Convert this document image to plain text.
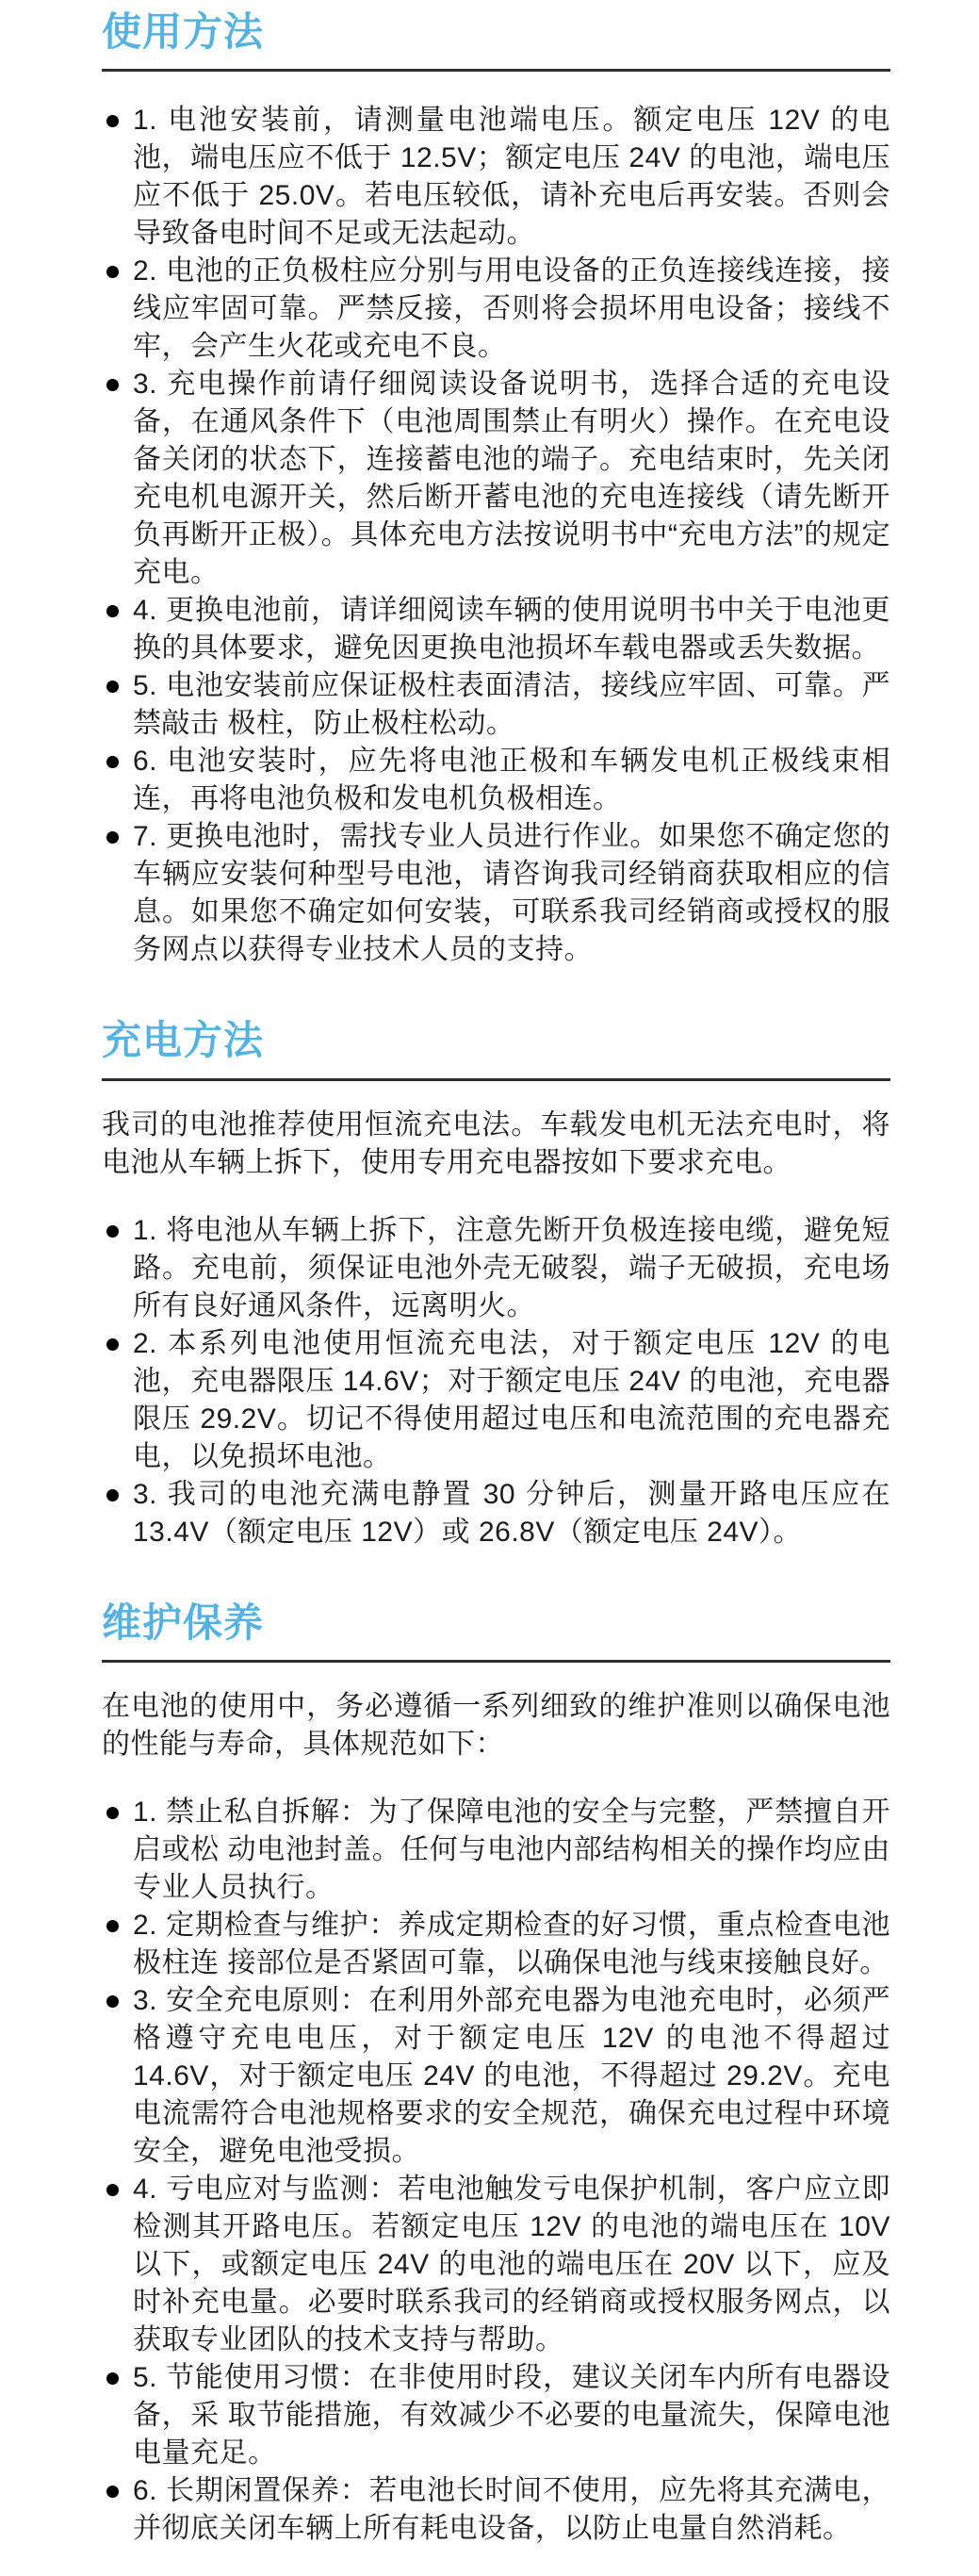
使用方法
1. 电池安装前，请测量电池端电压。额定电压 12V 的电池，端电压应不低于 12.5V；额定电压 24V 的电池，端电压应不低于 25.0V。若电压较低，请补充电后再安装。否则会导致备电时间不足或无法起动。
2. 电池的正负极柱应分别与用电设备的正负连接线连接，接线应牢固可靠。严禁反接，否则将会损坏用电设备；接线不牢，会产生火花或充电不良。
3. 充电操作前请仔细阅读设备说明书，选择合适的充电设备，在通风条件下（电池周围禁止有明火）操作。在充电设备关闭的状态下，连接蓄电池的端子。充电结束时，先关闭充电机电源开关，然后断开蓄电池的充电连接线（请先断开负再断开正极）。具体充电方法按说明书中“充电方法”的规定充电。
4. 更换电池前，请详细阅读车辆的使用说明书中关于电池更换的具体要求，避免因更换电池损坏车载电器或丢失数据。
5. 电池安装前应保证极柱表面清洁，接线应牢固、可靠。严禁敲击 极柱，防止极柱松动。
6. 电池安装时，应先将电池正极和车辆发电机正极线束相连，再将电池负极和发电机负极相连。
7. 更换电池时，需找专业人员进行作业。如果您不确定您的车辆应安装何种型号电池，请咨询我司经销商获取相应的信息。如果您不确定如何安装，可联系我司经销商或授权的服务网点以获得专业技术人员的支持。
充电方法

我司的电池推荐使用恒流充电法。车载发电机无法充电时，将电池从车辆上拆下，使用专用充电器按如下要求充电。

1. 将电池从车辆上拆下，注意先断开负极连接电缆，避免短路。充电前，须保证电池外壳无破裂，端子无破损，充电场所有良好通风条件，远离明火。
2. 本系列电池使用恒流充电法，对于额定电压 12V 的电池，充电器限压 14.6V；对于额定电压 24V 的电池，充电器限压 29.2V。切记不得使用超过电压和电流范围的充电器充电，以免损坏电池。
3. 我司的电池充满电静置 30 分钟后，测量开路电压应在 13.4V（额定电压 12V）或 26.8V（额定电压 24V）。
维护保养

在电池的使用中，务必遵循一系列细致的维护准则以确保电池的性能与寿命，具体规范如下：

1. 禁止私自拆解：为了保障电池的安全与完整，严禁擅自开启或松 动电池封盖。任何与电池内部结构相关的操作均应由专业人员执行。
2. 定期检查与维护：养成定期检查的好习惯，重点检查电池极柱连 接部位是否紧固可靠，以确保电池与线束接触良好。
3. 安全充电原则：在利用外部充电器为电池充电时，必须严格遵守充电电压，对于额定电压 12V 的电池不得超过 14.6V，对于额定电压 24V 的电池，不得超过 29.2V。充电电流需符合电池规格要求的安全规范，确保充电过程中环境安全，避免电池受损。
4. 亏电应对与监测：若电池触发亏电保护机制，客户应立即检测其开路电压。若额定电压 12V 的电池的端电压在 10V 以下，或额定电压 24V 的电池的端电压在 20V 以下，应及时补充电量。必要时联系我司的经销商或授权服务网点，以获取专业团队的技术支持与帮助。
5. 节能使用习惯：在非使用时段，建议关闭车内所有电器设备，采 取节能措施，有效减少不必要的电量流失，保障电池电量充足。
6. 长期闲置保养：若电池长时间不使用，应先将其充满电，并彻底关闭车辆上所有耗电设备，以防止电量自然消耗。
